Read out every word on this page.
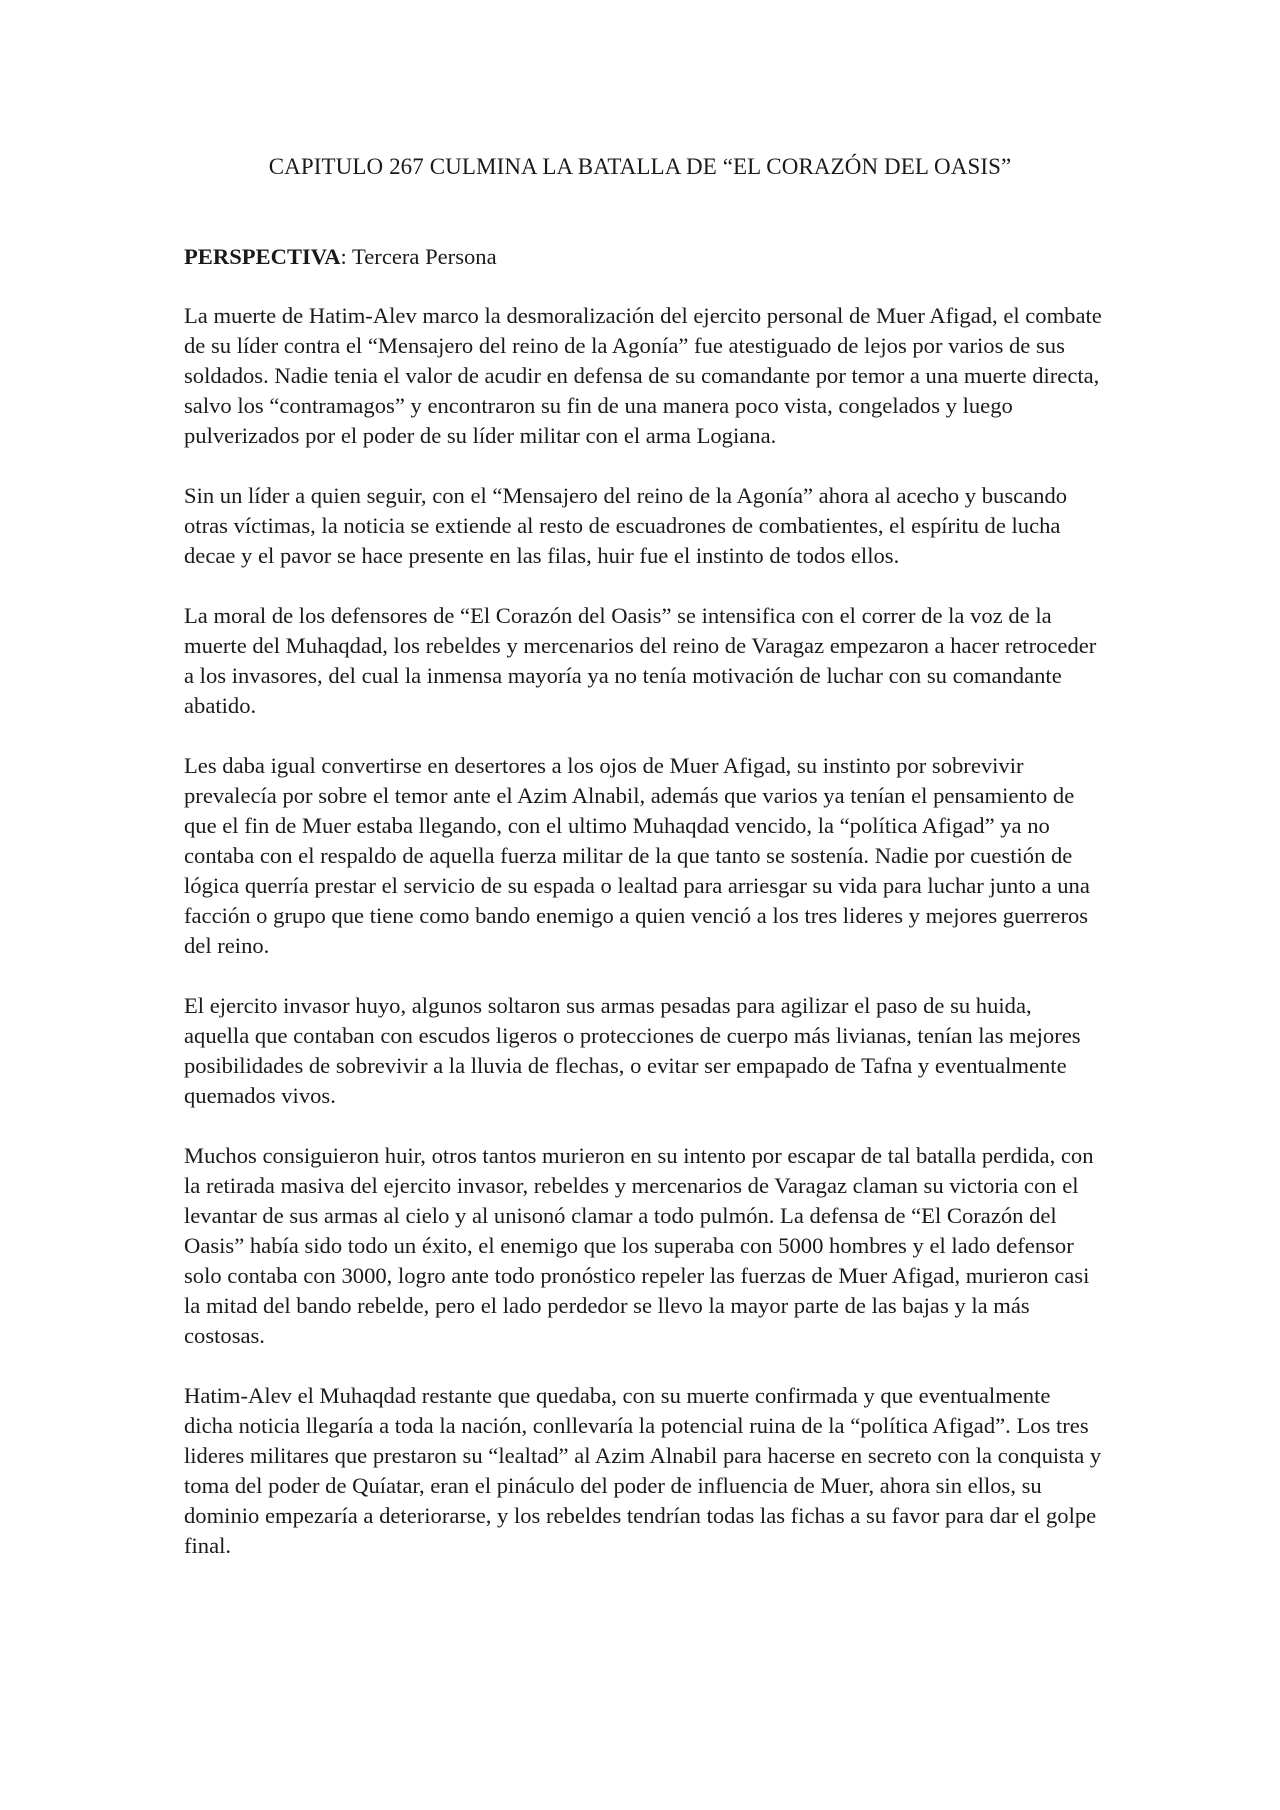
CAPITULO 267 CULMINA LA BATALLA DE “EL CORAZÓN DEL OASIS”

PERSPECTIVA: Tercera Persona

La muerte de Hatim-Alev marco la desmoralización del ejercito personal de Muer Afigad, el combate de su líder contra el “Mensajero del reino de la Agonía” fue atestiguado de lejos por varios de sus soldados. Nadie tenia el valor de acudir en defensa de su comandante por temor a una muerte directa, salvo los “contramagos” y encontraron su fin de una manera poco vista, congelados y luego pulverizados por el poder de su líder militar con el arma Logiana.

Sin un líder a quien seguir, con el “Mensajero del reino de la Agonía” ahora al acecho y buscando otras víctimas, la noticia se extiende al resto de escuadrones de combatientes, el espíritu de lucha decae y el pavor se hace presente en las filas, huir fue el instinto de todos ellos.

La moral de los defensores de “El Corazón del Oasis” se intensifica con el correr de la voz de la muerte del Muhaqdad, los rebeldes y mercenarios del reino de Varagaz empezaron a hacer retroceder a los invasores, del cual la inmensa mayoría ya no tenía motivación de luchar con su comandante abatido.

Les daba igual convertirse en desertores a los ojos de Muer Afigad, su instinto por sobrevivir prevalecía por sobre el temor ante el Azim Alnabil, además que varios ya tenían el pensamiento de que el fin de Muer estaba llegando, con el ultimo Muhaqdad vencido, la “política Afigad” ya no contaba con el respaldo de aquella fuerza militar de la que tanto se sostenía. Nadie por cuestión de lógica querría prestar el servicio de su espada o lealtad para arriesgar su vida para luchar junto a una facción o grupo que tiene como bando enemigo a quien venció a los tres lideres y mejores guerreros del reino.

El ejercito invasor huyo, algunos soltaron sus armas pesadas para agilizar el paso de su huida, aquella que contaban con escudos ligeros o protecciones de cuerpo más livianas, tenían las mejores posibilidades de sobrevivir a la lluvia de flechas, o evitar ser empapado de Tafna y eventualmente quemados vivos.

Muchos consiguieron huir, otros tantos murieron en su intento por escapar de tal batalla perdida, con la retirada masiva del ejercito invasor, rebeldes y mercenarios de Varagaz claman su victoria con el levantar de sus armas al cielo y al unisonó clamar a todo pulmón. La defensa de “El Corazón del Oasis” había sido todo un éxito, el enemigo que los superaba con 5000 hombres y el lado defensor solo contaba con 3000, logro ante todo pronóstico repeler las fuerzas de Muer Afigad, murieron casi la mitad del bando rebelde, pero el lado perdedor se llevo la mayor parte de las bajas y la más costosas.

Hatim-Alev el Muhaqdad restante que quedaba, con su muerte confirmada y que eventualmente dicha noticia llegaría a toda la nación, conllevaría la potencial ruina de la “política Afigad”. Los tres lideres militares que prestaron su “lealtad” al Azim Alnabil para hacerse en secreto con la conquista y toma del poder de Quíatar, eran el pináculo del poder de influencia de Muer, ahora sin ellos, su dominio empezaría a deteriorarse, y los rebeldes tendrían todas las fichas a su favor para dar el golpe final.
